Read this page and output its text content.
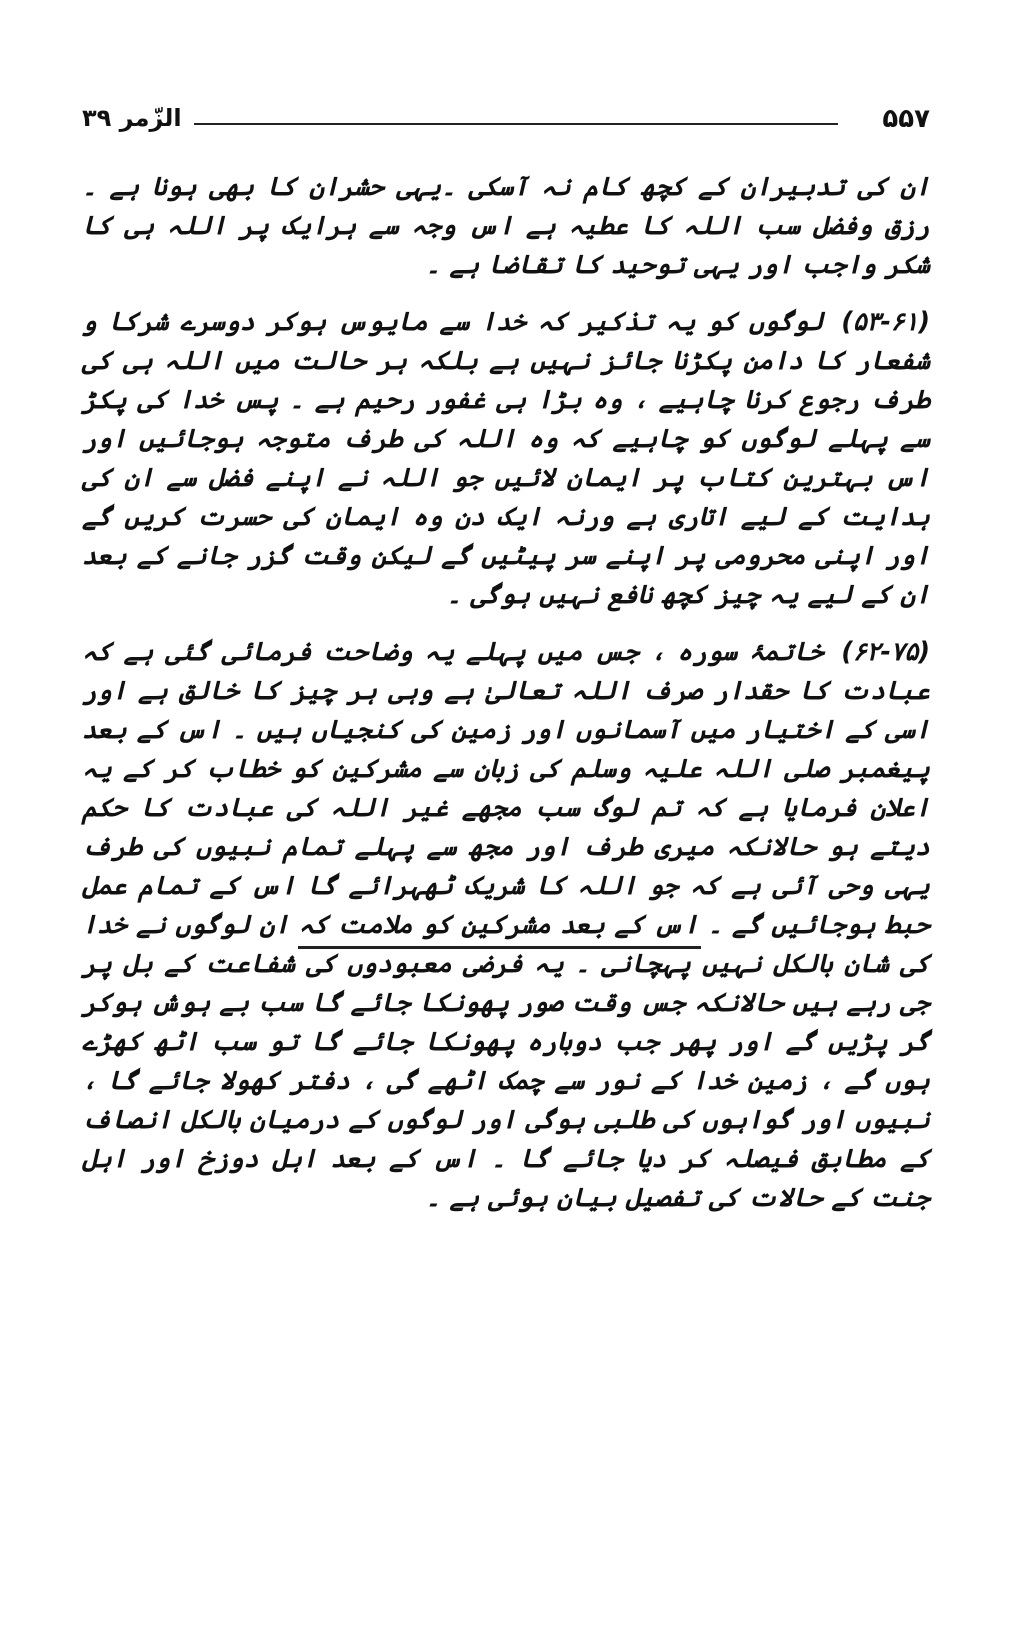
۵۵۷
الزّمر ۳۹

ان کی تدبیران کے کچھ کام نہ آسکی ۔یہی حشران کا بھی ہونا ہے ۔ رزق وفضل سب اللہ کا عطیہ ہے اس وجہ سے ہرایک پر اللہ ہی کا شکر واجب اور یہی توحید کا تقاضا ہے ۔

(۵۳-۶۱) لوگوں کو یہ تذکیر کہ خدا سے مایوس ہوکر دوسرے شرکا و شفعار کا دامن پکڑنا جائز نہیں ہے بلکہ ہر حالت میں اللہ ہی کی طرف رجوع کرنا چاہیے ، وہ بڑا ہی غفور رحیم ہے ۔ پس خدا کی پکڑ سے پہلے لوگوں کو چاہیے کہ وہ اللہ کی طرف متوجہ ہوجائیں اور اس بہترین کتاب پر ایمان لائیں جو اللہ نے اپنے فضل سے ان کی ہدایت کے لیے اتاری ہے ورنہ ایک دن وہ ایمان کی حسرت کریں گے اور اپنی محرومی پر اپنے سر پیٹیں گے لیکن وقت گزر جانے کے بعد ان کے لیے یہ چیز کچھ نافع نہیں ہوگی ۔

(۶۲-۷۵) خاتمۂ سورہ ، جس میں پہلے یہ وضاحت فرمائی گئی ہے کہ عبادت کا حقدار صرف اللہ تعالیٰ ہے وہی ہر چیز کا خالق ہے اور اسی کے اختیار میں آسمانوں اور زمین کی کنجیاں ہیں ۔ اس کے بعد پیغمبر صلی اللہ علیہ وسلم کی زبان سے مشرکین کو خطاب کر کے یہ اعلان فرمایا ہے کہ تم لوگ سب مجھے غیر اللہ کی عبادت کا حکم دیتے ہو حالانکہ میری طرف اور مجھ سے پہلے تمام نبیوں کی طرف یہی وحی آئی ہے کہ جو اللہ کا شریک ٹھہرائے گا اس کے تمام عمل حبط ہوجائیں گے ۔ اس کے بعد مشرکین کو ملامت کہ ان لوگوں نے خدا کی شان بالکل نہیں پہچانی ۔ یہ فرضی معبودوں کی شفاعت کے بل پر جی رہے ہیں حالانکہ جس وقت صور پھونکا جائے گا سب بے ہوش ہوکر گر پڑیں گے اور پھر جب دوبارہ پھونکا جائے گا تو سب اٹھ کھڑے ہوں گے ، زمین خدا کے نور سے چمک اٹھے گی ، دفتر کھولا جائے گا ، نبیوں اور گواہوں کی طلبی ہوگی اور لوگوں کے درمیان بالکل انصاف کے مطابق فیصلہ کر دیا جائے گا ۔ اس کے بعد اہل دوزخ اور اہل جنت کے حالات کی تفصیل بیان ہوئی ہے ۔
